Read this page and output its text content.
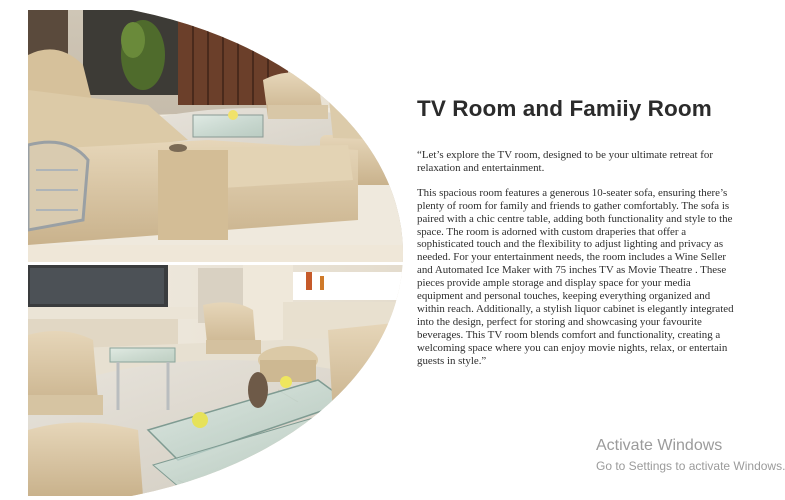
TV Room and Famiiy Room

“Let’s explore the TV room, designed to be your ultimate retreat for relaxation and entertainment.

This spacious room features a generous 10-seater sofa, ensuring there’s plenty of room for family and friends to gather comfortably. The sofa is paired with a chic centre table, adding both functionality and style to the space. The room is adorned with custom draperies that offer a sophisticated touch and the flexibility to adjust lighting and privacy as needed. For your entertainment needs, the room includes a Wine Seller and Automated Ice Maker with 75 inches TV as Movie Theatre . These pieces provide ample storage and display space for your media equipment and personal touches, keeping everything organized and within reach. Additionally, a stylish liquor cabinet is elegantly integrated into the design, perfect for storing and showcasing your favourite beverages. This TV room blends comfort and functionality, creating a welcoming space where you can enjoy movie nights, relax, or entertain guests in style.”

Activate Windows
Go to Settings to activate Windows.
